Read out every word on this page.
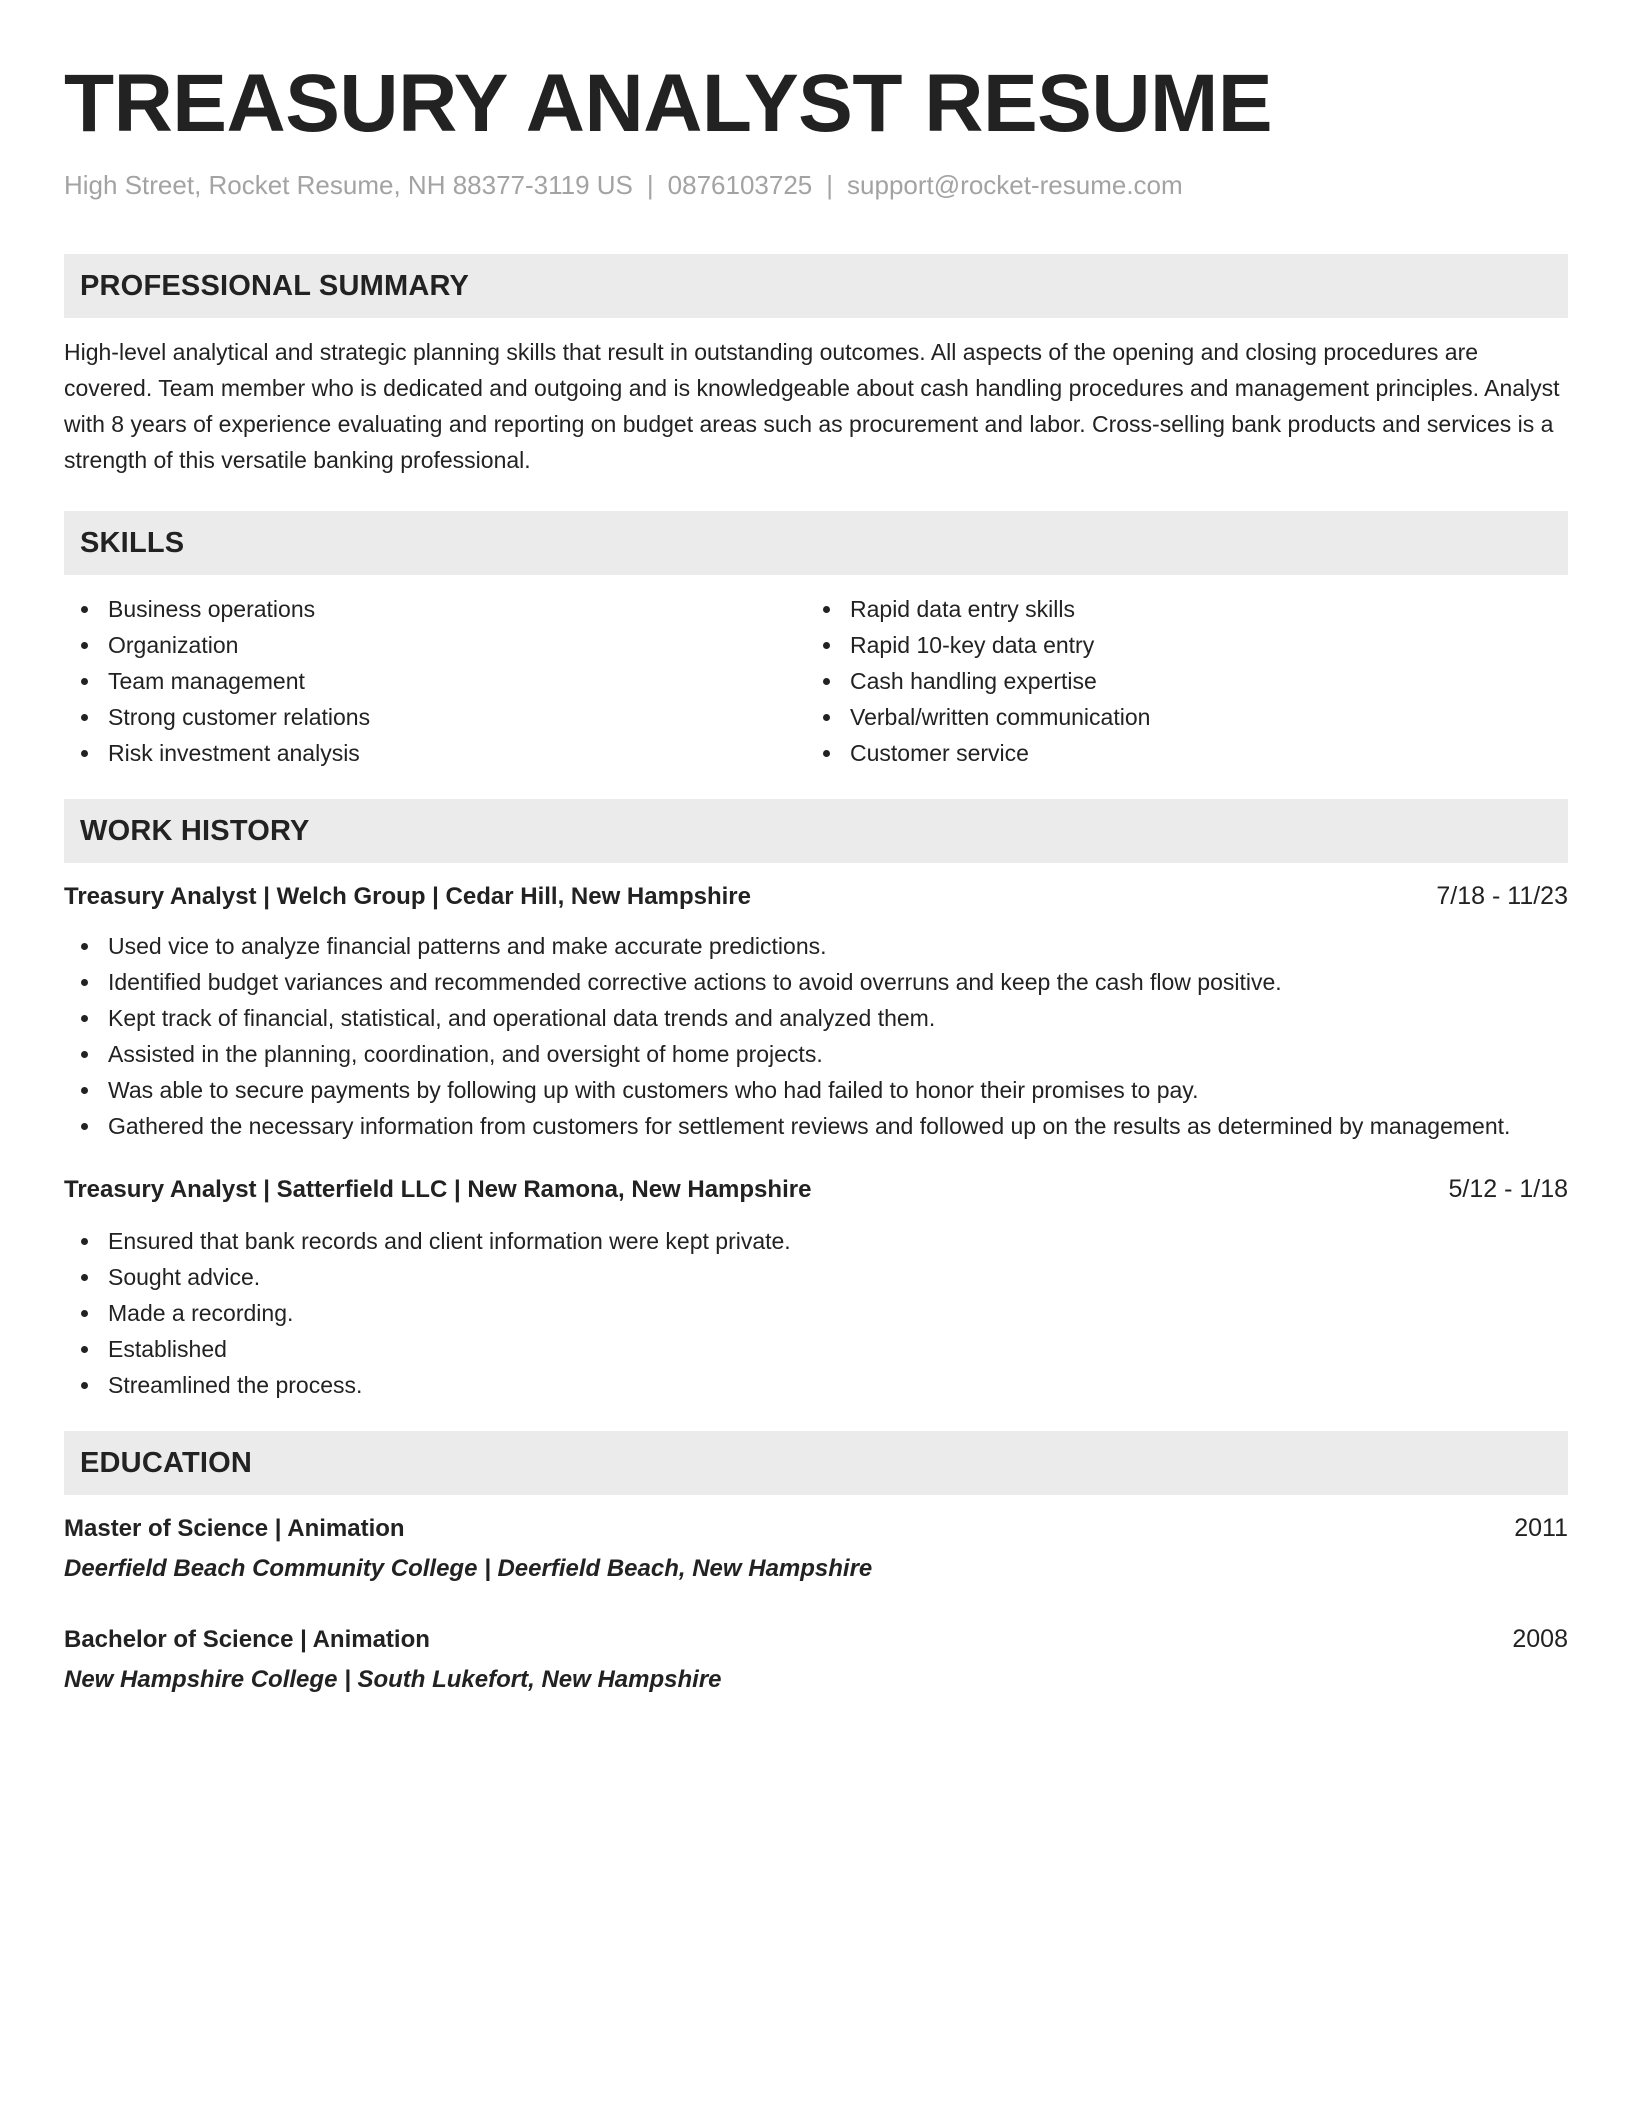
TREASURY ANALYST RESUME
High Street, Rocket Resume, NH 88377-3119 US | 0876103725 | support@rocket-resume.com
PROFESSIONAL SUMMARY
High-level analytical and strategic planning skills that result in outstanding outcomes. All aspects of the opening and closing procedures are covered. Team member who is dedicated and outgoing and is knowledgeable about cash handling procedures and management principles. Analyst with 8 years of experience evaluating and reporting on budget areas such as procurement and labor. Cross-selling bank products and services is a strength of this versatile banking professional.
SKILLS
Business operations
Organization
Team management
Strong customer relations
Risk investment analysis
Rapid data entry skills
Rapid 10-key data entry
Cash handling expertise
Verbal/written communication
Customer service
WORK HISTORY
Treasury Analyst | Welch Group | Cedar Hill, New Hampshire	7/18 - 11/23
Used vice to analyze financial patterns and make accurate predictions.
Identified budget variances and recommended corrective actions to avoid overruns and keep the cash flow positive.
Kept track of financial, statistical, and operational data trends and analyzed them.
Assisted in the planning, coordination, and oversight of home projects.
Was able to secure payments by following up with customers who had failed to honor their promises to pay.
Gathered the necessary information from customers for settlement reviews and followed up on the results as determined by management.
Treasury Analyst | Satterfield LLC | New Ramona, New Hampshire	5/12 - 1/18
Ensured that bank records and client information were kept private.
Sought advice.
Made a recording.
Established
Streamlined the process.
EDUCATION
Master of Science | Animation	2011
Deerfield Beach Community College | Deerfield Beach, New Hampshire
Bachelor of Science | Animation	2008
New Hampshire College | South Lukefort, New Hampshire
